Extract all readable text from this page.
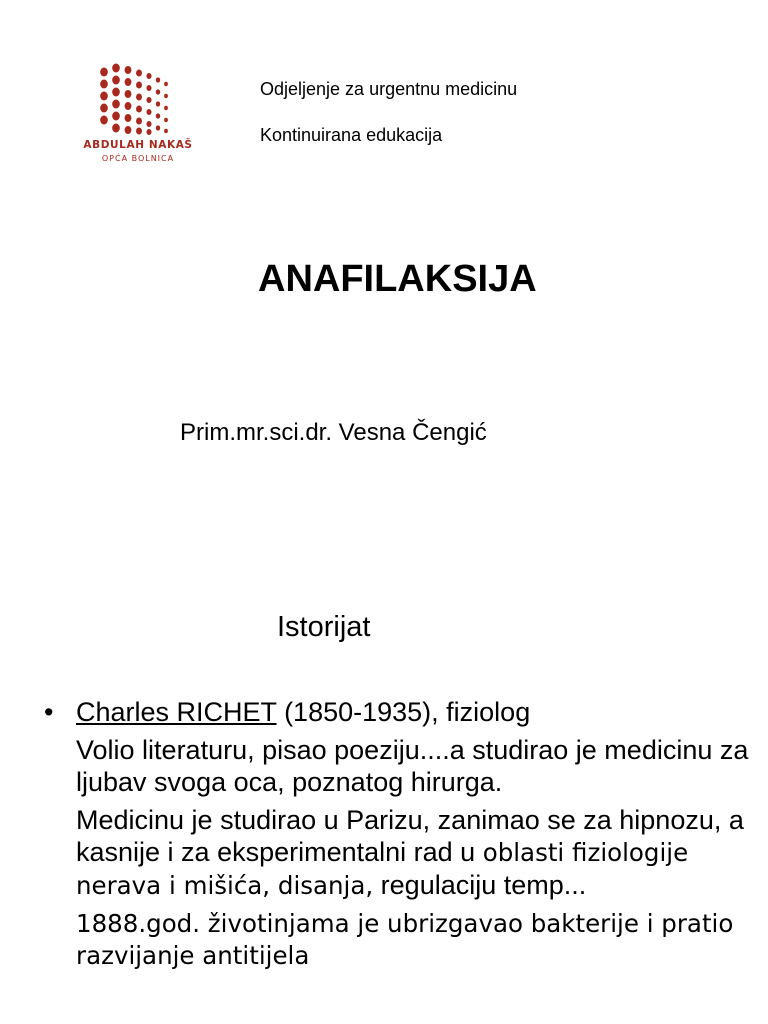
ABDULAH NAKAŠ
OPĆA BOLNICA
Odjeljenje za urgentnu medicinu
Kontinuirana edukacija
ANAFILAKSIJA
Prim.mr.sci.dr. Vesna Čengić
Istorijat
• Charles RICHET (1850-1935), fiziolog

Volio literaturu, pisao poeziju....a studirao je medicinu za ljubav svoga oca, poznatog hirurga.

Medicinu je studirao u Parizu, zanimao se za hipnozu, a kasnije i za eksperimentalni rad u oblasti fiziologije nerava i mišića, disanja, regulaciju temp...

1888.god. životinjama je ubrizgavao bakterije i pratio razvijanje antitijela
